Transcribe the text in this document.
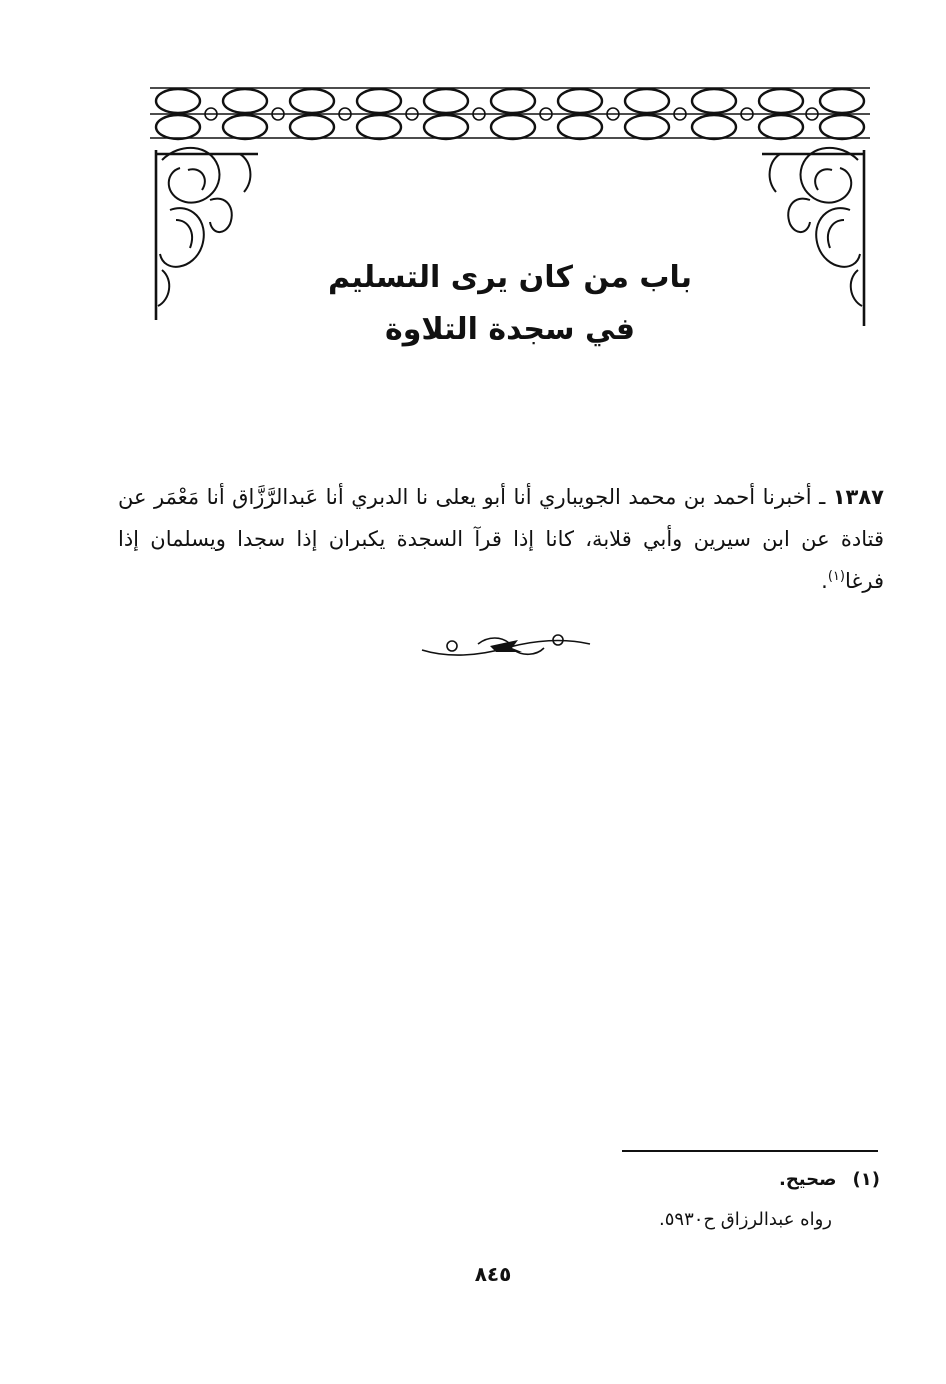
باب من كان يرى التسليم
في سجدة التلاوة
١٣٨٧ ـ أخبرنا أحمد بن محمد الجويباري أنا أبو يعلى نا الدبري أنا عَبدالرَّزَّاق أنا مَعْمَر عن قتادة عن ابن سيرين وأبي قلابة، كانا إذا قرآ السجدة يكبران إذا سجدا ويسلمان إذا فرغا$^{(١)}$.
(١)صحيح.
رواه عبدالرزاق ح٥٩٣٠.
٨٤٥
